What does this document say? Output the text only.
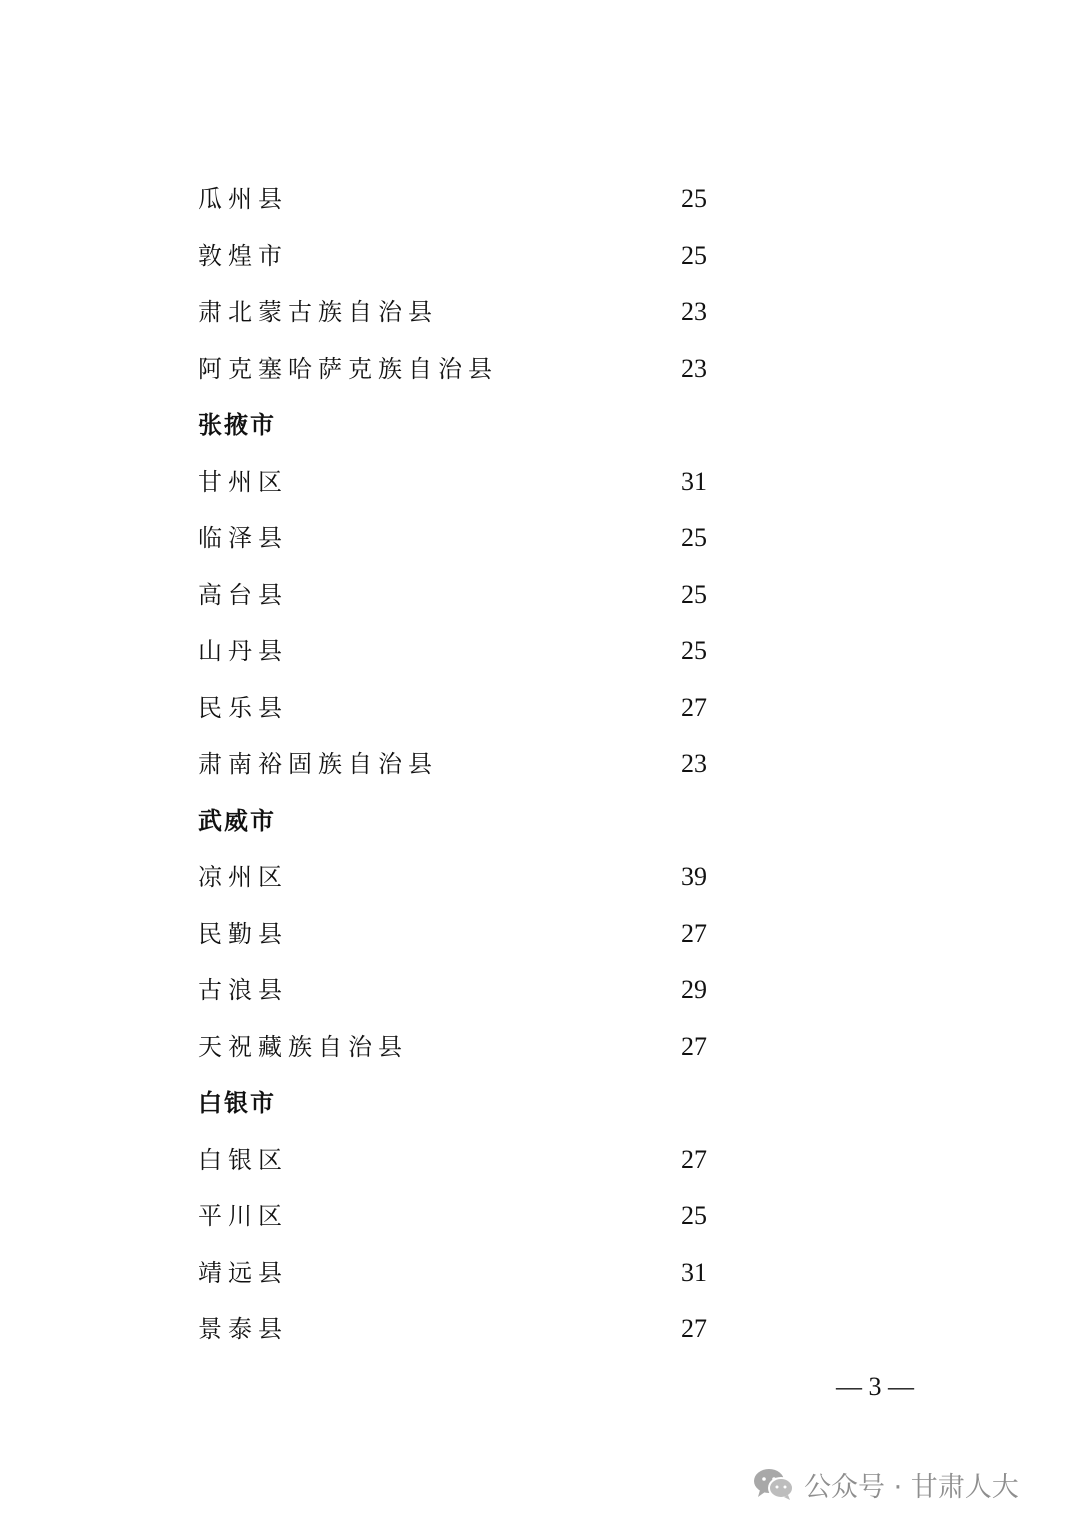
瓜州县	25
敦煌市	25
肃北蒙古族自治县	23
阿克塞哈萨克族自治县	23
张掖市
甘州区	31
临泽县	25
高台县	25
山丹县	25
民乐县	27
肃南裕固族自治县	23
武威市
凉州区	39
民勤县	27
古浪县	29
天祝藏族自治县	27
白银市
白银区	27
平川区	25
靖远县	31
景泰县	27
— 3 —
公众号 · 甘肃人大
